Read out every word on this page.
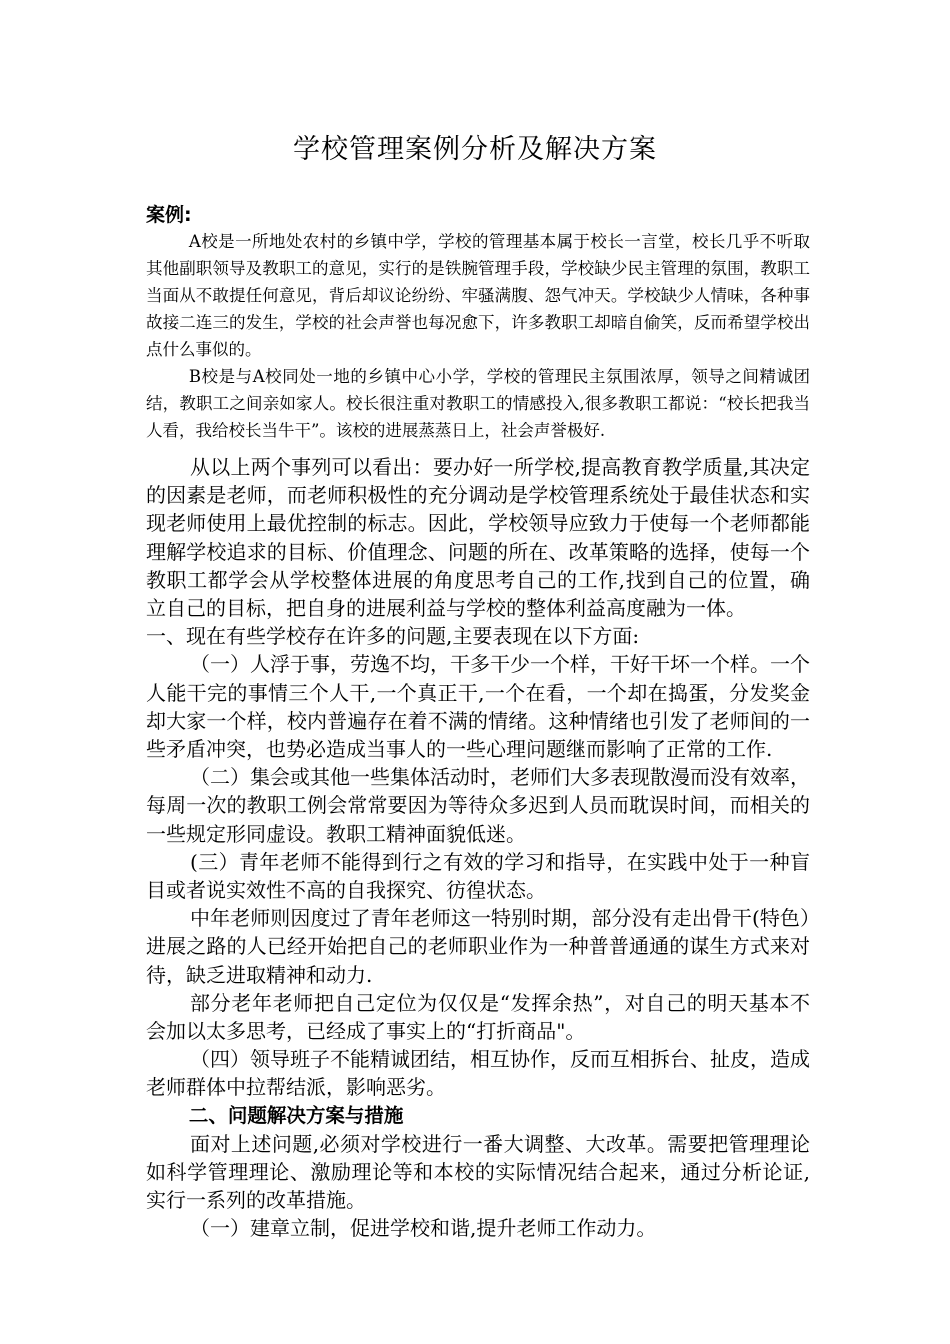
学校管理案例分析及解决方案
案例:

A校是一所地处农村的乡镇中学，学校的管理基本属于校长一言堂，校长几乎不听取其他副职领导及教职工的意见，实行的是铁腕管理手段，学校缺少民主管理的氛围，教职工当面从不敢提任何意见，背后却议论纷纷、牢骚满腹、怨气冲天。学校缺少人情味，各种事故接二连三的发生，学校的社会声誉也每况愈下，许多教职工却暗自偷笑，反而希望学校出点什么事似的。

B校是与A校同处一地的乡镇中心小学，学校的管理民主氛围浓厚，领导之间精诚团结，教职工之间亲如家人。校长很注重对教职工的情感投入,很多教职工都说：“校长把我当人看，我给校长当牛干”。该校的进展蒸蒸日上，社会声誉极好.

从以上两个事列可以看出：要办好一所学校,提高教育教学质量,其决定的因素是老师，而老师积极性的充分调动是学校管理系统处于最佳状态和实现老师使用上最优控制的标志。因此，学校领导应致力于使每一个老师都能理解学校追求的目标、价值理念、问题的所在、改革策略的选择，使每一个教职工都学会从学校整体进展的角度思考自己的工作,找到自己的位置，确立自己的目标，把自身的进展利益与学校的整体利益高度融为一体。

一、现在有些学校存在许多的问题,主要表现在以下方面:

（一）人浮于事，劳逸不均，干多干少一个样，干好干坏一个样。一个人能干完的事情三个人干,一个真正干,一个在看，一个却在捣蛋，分发奖金却大家一个样，校内普遍存在着不满的情绪。这种情绪也引发了老师间的一些矛盾冲突，也势必造成当事人的一些心理问题继而影响了正常的工作.

（二）集会或其他一些集体活动时，老师们大多表现散漫而没有效率，每周一次的教职工例会常常要因为等待众多迟到人员而耽误时间，而相关的一些规定形同虚设。教职工精神面貌低迷。

(三）青年老师不能得到行之有效的学习和指导，在实践中处于一种盲目或者说实效性不高的自我探究、彷徨状态。

中年老师则因度过了青年老师这一特别时期，部分没有走出骨干(特色）进展之路的人已经开始把自己的老师职业作为一种普普通通的谋生方式来对待，缺乏进取精神和动力.

部分老年老师把自己定位为仅仅是“发挥余热”，对自己的明天基本不会加以太多思考，已经成了事实上的“打折商品"。

（四）领导班子不能精诚团结，相互协作，反而互相拆台、扯皮，造成老师群体中拉帮结派，影响恶劣。

二、问题解决方案与措施

面对上述问题,必须对学校进行一番大调整、大改革。需要把管理理论如科学管理理论、激励理论等和本校的实际情况结合起来，通过分析论证,实行一系列的改革措施。

（一）建章立制，促进学校和谐,提升老师工作动力。
